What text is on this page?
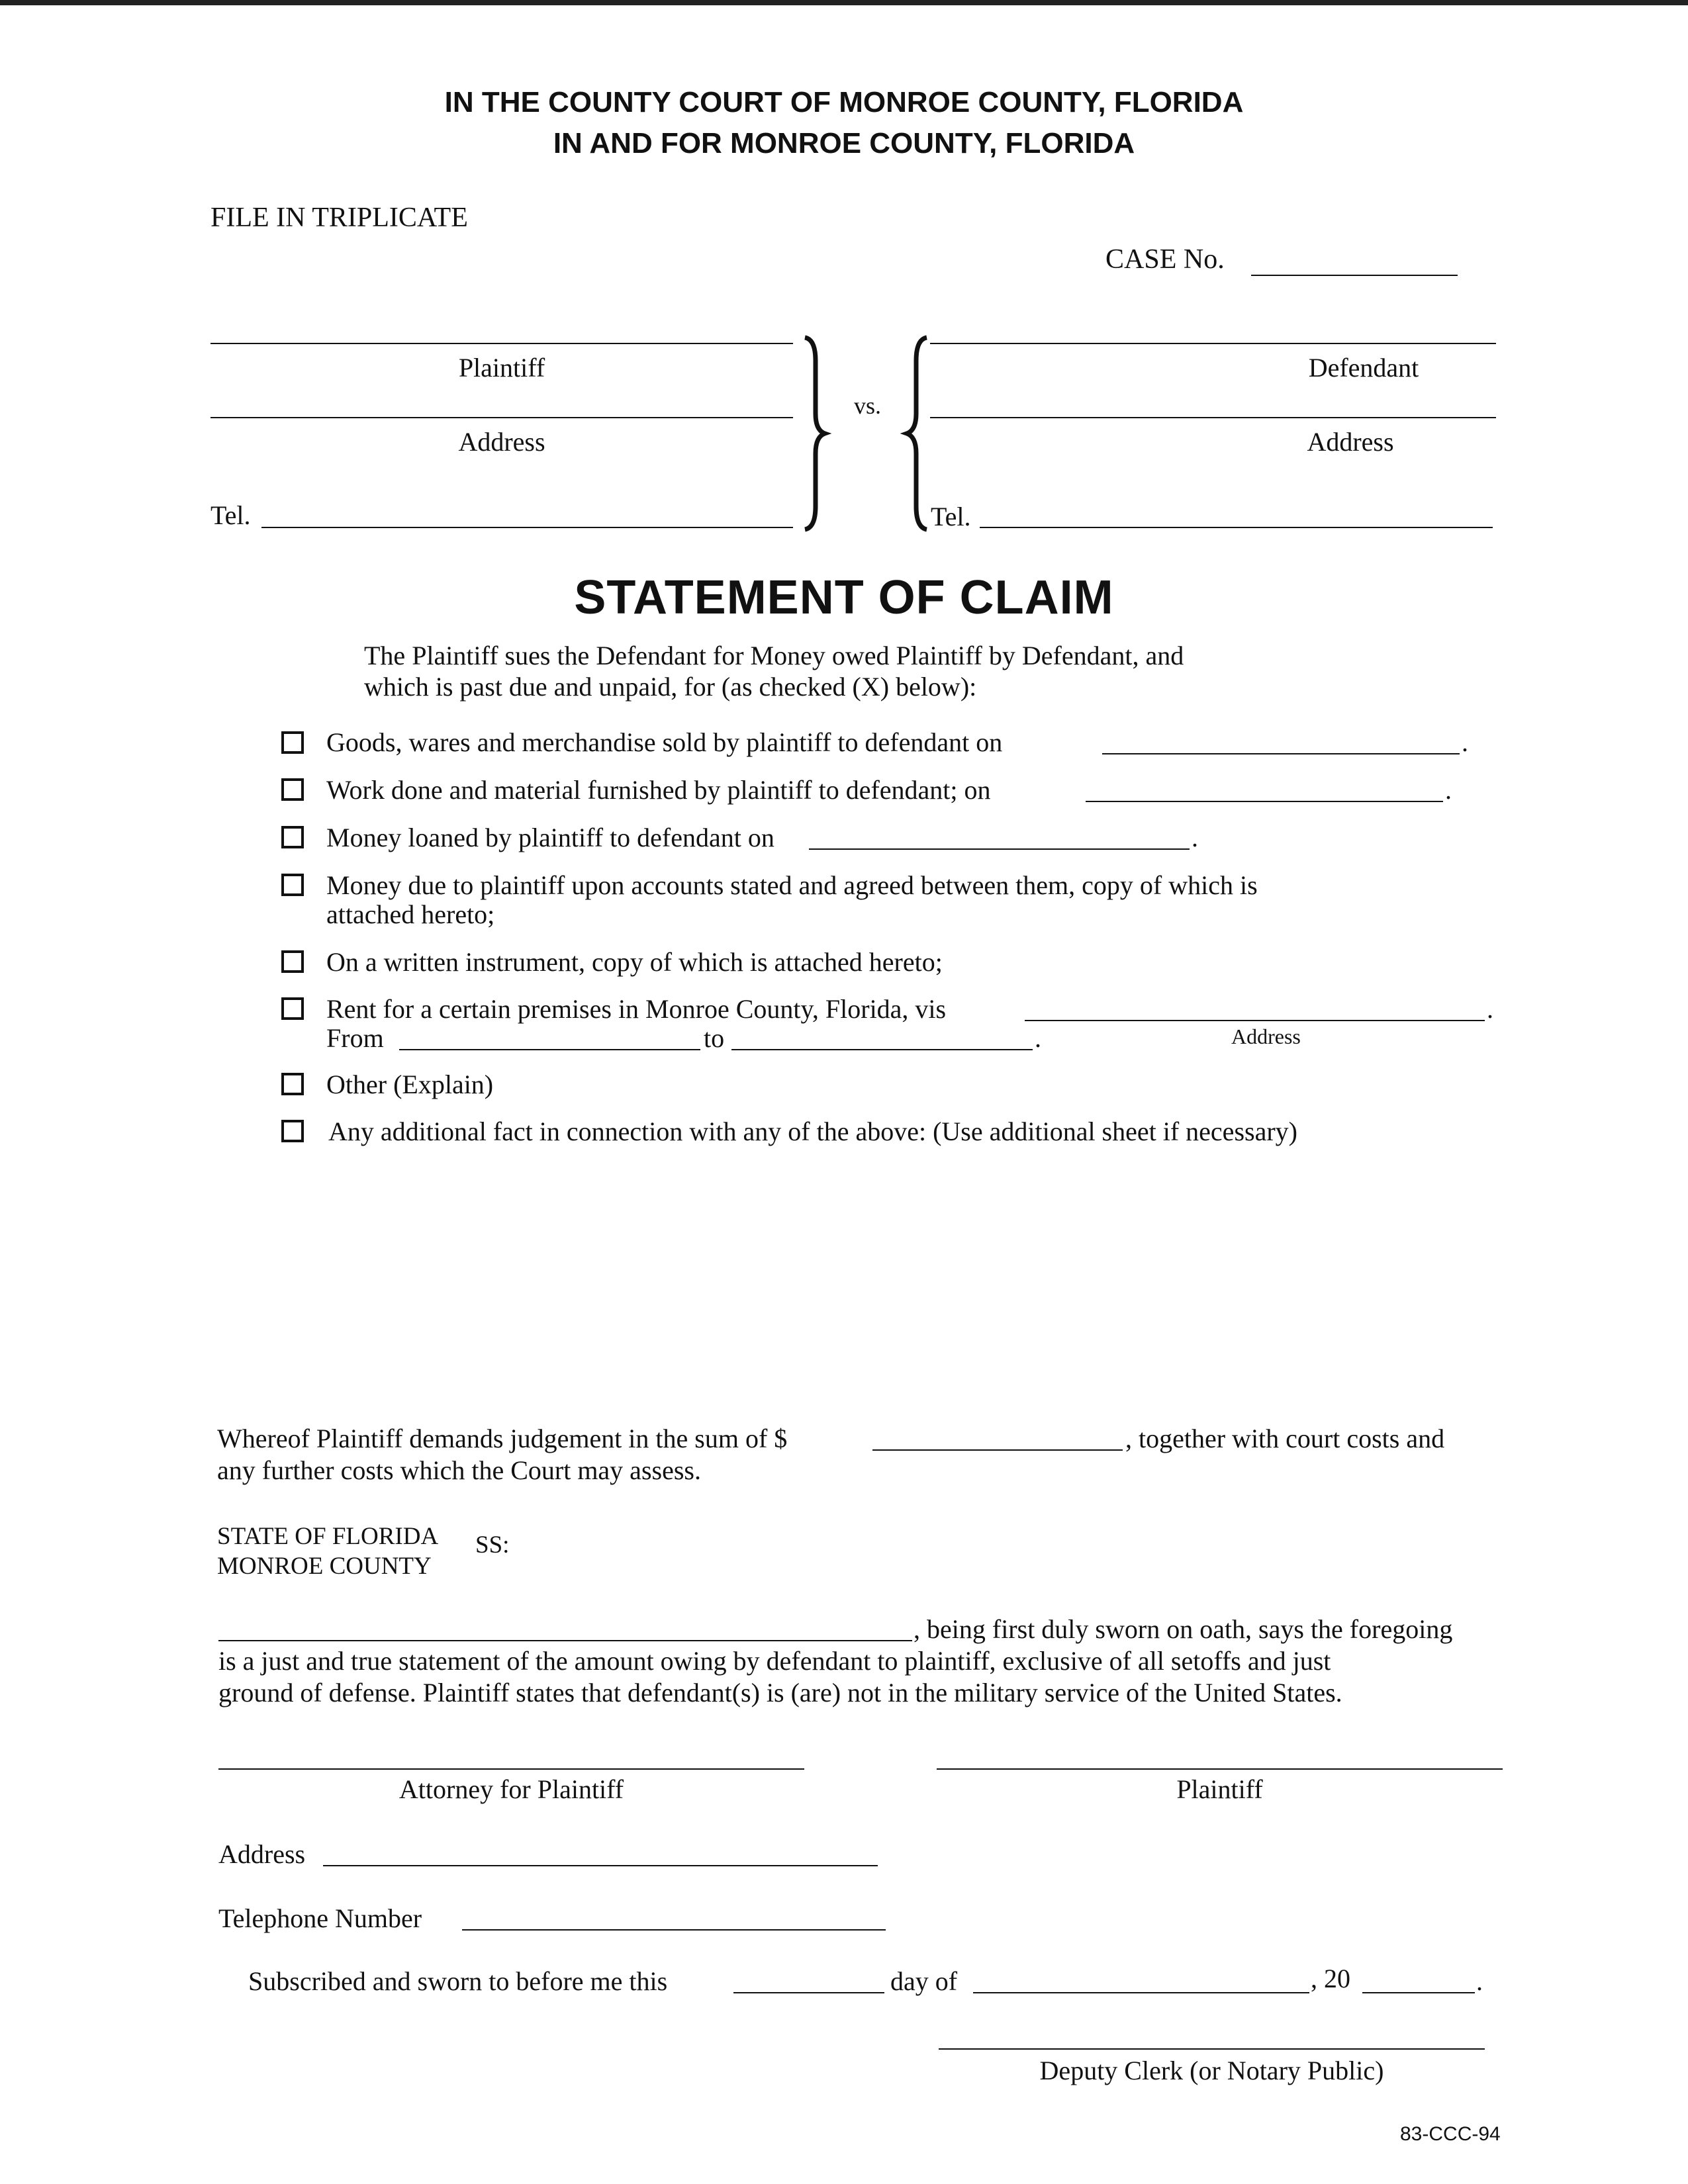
IN THE COUNTY COURT OF MONROE COUNTY, FLORIDA
IN AND FOR MONROE COUNTY, FLORIDA
FILE IN TRIPLICATE
CASE No.
Plaintiff
Address
Tel.
vs.
Defendant
Address
Tel.
STATEMENT OF CLAIM
The Plaintiff sues the Defendant for Money owed Plaintiff by Defendant, and
which is past due and unpaid, for (as checked (X) below):
Goods, wares and merchandise sold by plaintiff to defendant on	.
Work done and material furnished by plaintiff to defendant; on	.
Money loaned by plaintiff to defendant on	.
Money due to plaintiff upon accounts stated and agreed between them, copy of which is
attached hereto;
On a written instrument, copy of which is attached hereto;
Rent for a certain premises in Monroe County, Florida, vis	.
From	to	.	Address
Other (Explain)
Any additional fact in connection with any of the above: (Use additional sheet if necessary)
Whereof Plaintiff demands judgement in the sum of $	, together with court costs and
any further costs which the Court may assess.
STATE OF FLORIDA
MONROE COUNTY
SS:
, being first duly sworn on oath, says the foregoing
is a just and true statement of the amount owing by defendant to plaintiff, exclusive of all setoffs and just
ground of defense. Plaintiff states that defendant(s) is (are) not in the military service of the United States.
Attorney for Plaintiff	Plaintiff
Address
Telephone Number
Subscribed and sworn to before me this	day of	, 20	.
Deputy Clerk (or Notary Public)
83-CCC-94
